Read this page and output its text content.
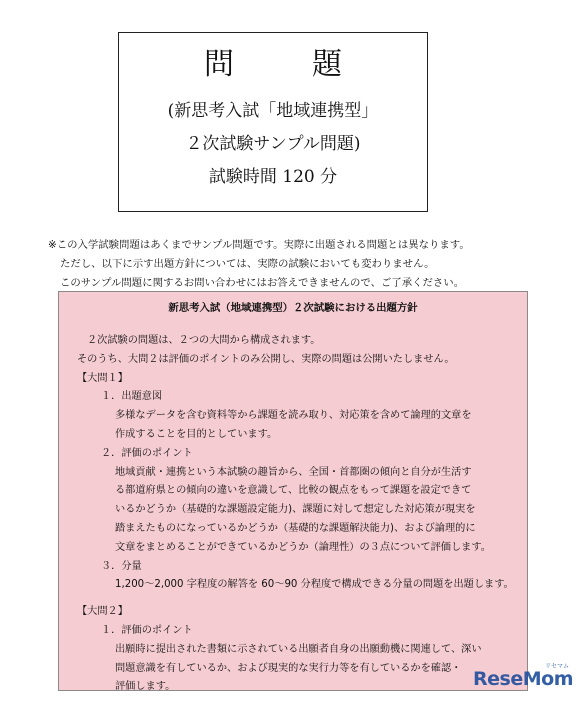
問　題
(新思考入試「地域連携型」
２次試験サンプル問題)
試験時間 120 分
※この入学試験問題はあくまでサンプル問題です。実際に出題される問題とは異なります。
ただし、以下に示す出題方針については、実際の試験においても変わりません。
このサンプル問題に関するお問い合わせにはお答えできませんので、ご了承ください。
新思考入試（地域連携型）２次試験における出題方針
２次試験の問題は、２つの大問から構成されます。
そのうち、大問２は評価のポイントのみ公開し、実際の問題は公開いたしません。
【大問１】
１．出題意図
多様なデータを含む資料等から課題を読み取り、対応策を含めて論理的文章を
作成することを目的としています。
２．評価のポイント
地域貢献・連携という本試験の趣旨から、全国・首都圏の傾向と自分が生活す
る都道府県との傾向の違いを意識して、比較の観点をもって課題を設定できて
いるかどうか（基礎的な課題設定能力)、課題に対して想定した対応策が現実を
踏まえたものになっているかどうか（基礎的な課題解決能力)、および論理的に
文章をまとめることができているかどうか（論理性）の３点について評価します。
３．分量
1,200～2,000 字程度の解答を 60～90 分程度で構成できる分量の問題を出題します。
【大問２】
１．評価のポイント
出願時に提出された書類に示されている出願者自身の出願動機に関連して、深い
問題意識を有しているか、および現実的な実行力等を有しているかを確認・
評価します。
リセマム
ReseMom
